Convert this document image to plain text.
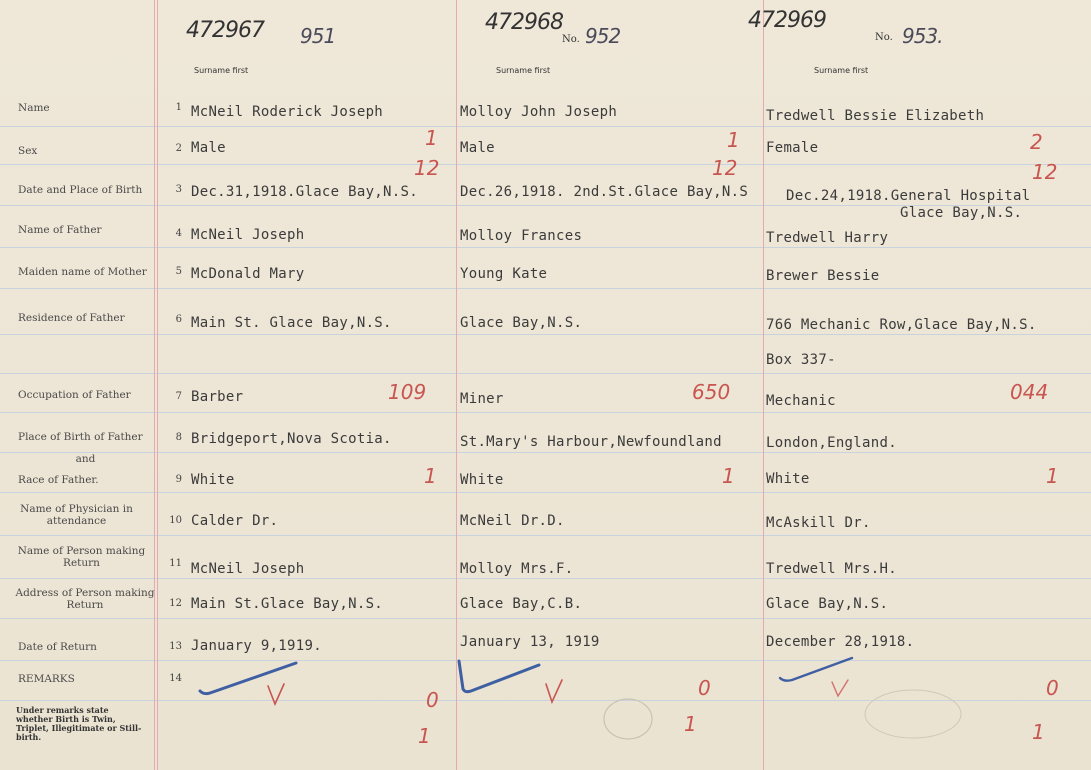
472967 951
472968
No. 952
472969
No. 953.
Surname first	Surname first	Surname first
Name
Sex
Date and Place of Birth
Name of Father
Maiden name of Mother
Residence of Father
Occupation of Father
Place of Birth of Father
and
Race of Father.
Name of Physician in attendance
Name of Person making Return
Address of Person making Return
Date of Return
REMARKS
Under remarks state whether Birth is Twin, Triplet, Illegitimate or Still-birth.
1
2
3
4
5
6
7
8
9
10
11
12
13
14
McNeil Roderick Joseph
Male
Dec.31,1918.Glace Bay,N.S.
McNeil Joseph
McDonald Mary
Main St. Glace Bay,N.S.
Barber
Bridgeport,Nova Scotia.
White
Calder Dr.
McNeil Joseph
Main St.Glace Bay,N.S.
January 9,1919.
Molloy John Joseph
Male
Dec.26,1918. 2nd.St.Glace Bay,N.S
Molloy Frances
Young Kate
Glace Bay,N.S.
Miner
St.Mary's Harbour,Newfoundland
White
McNeil Dr.D.
Molloy Mrs.F.
Glace Bay,C.B.
January 13, 1919
Tredwell Bessie Elizabeth
Female
Dec.24,1918.General Hospital
Glace Bay,N.S.
Tredwell Harry
Brewer Bessie
766 Mechanic Row,Glace Bay,N.S.
Box 337-
Mechanic
London,England.
White
McAskill Dr.
Tredwell Mrs.H.
Glace Bay,N.S.
December 28,1918.
1
12
109
1
0
1
1
12
650
1
0
1
2
12
044
1
0
1
